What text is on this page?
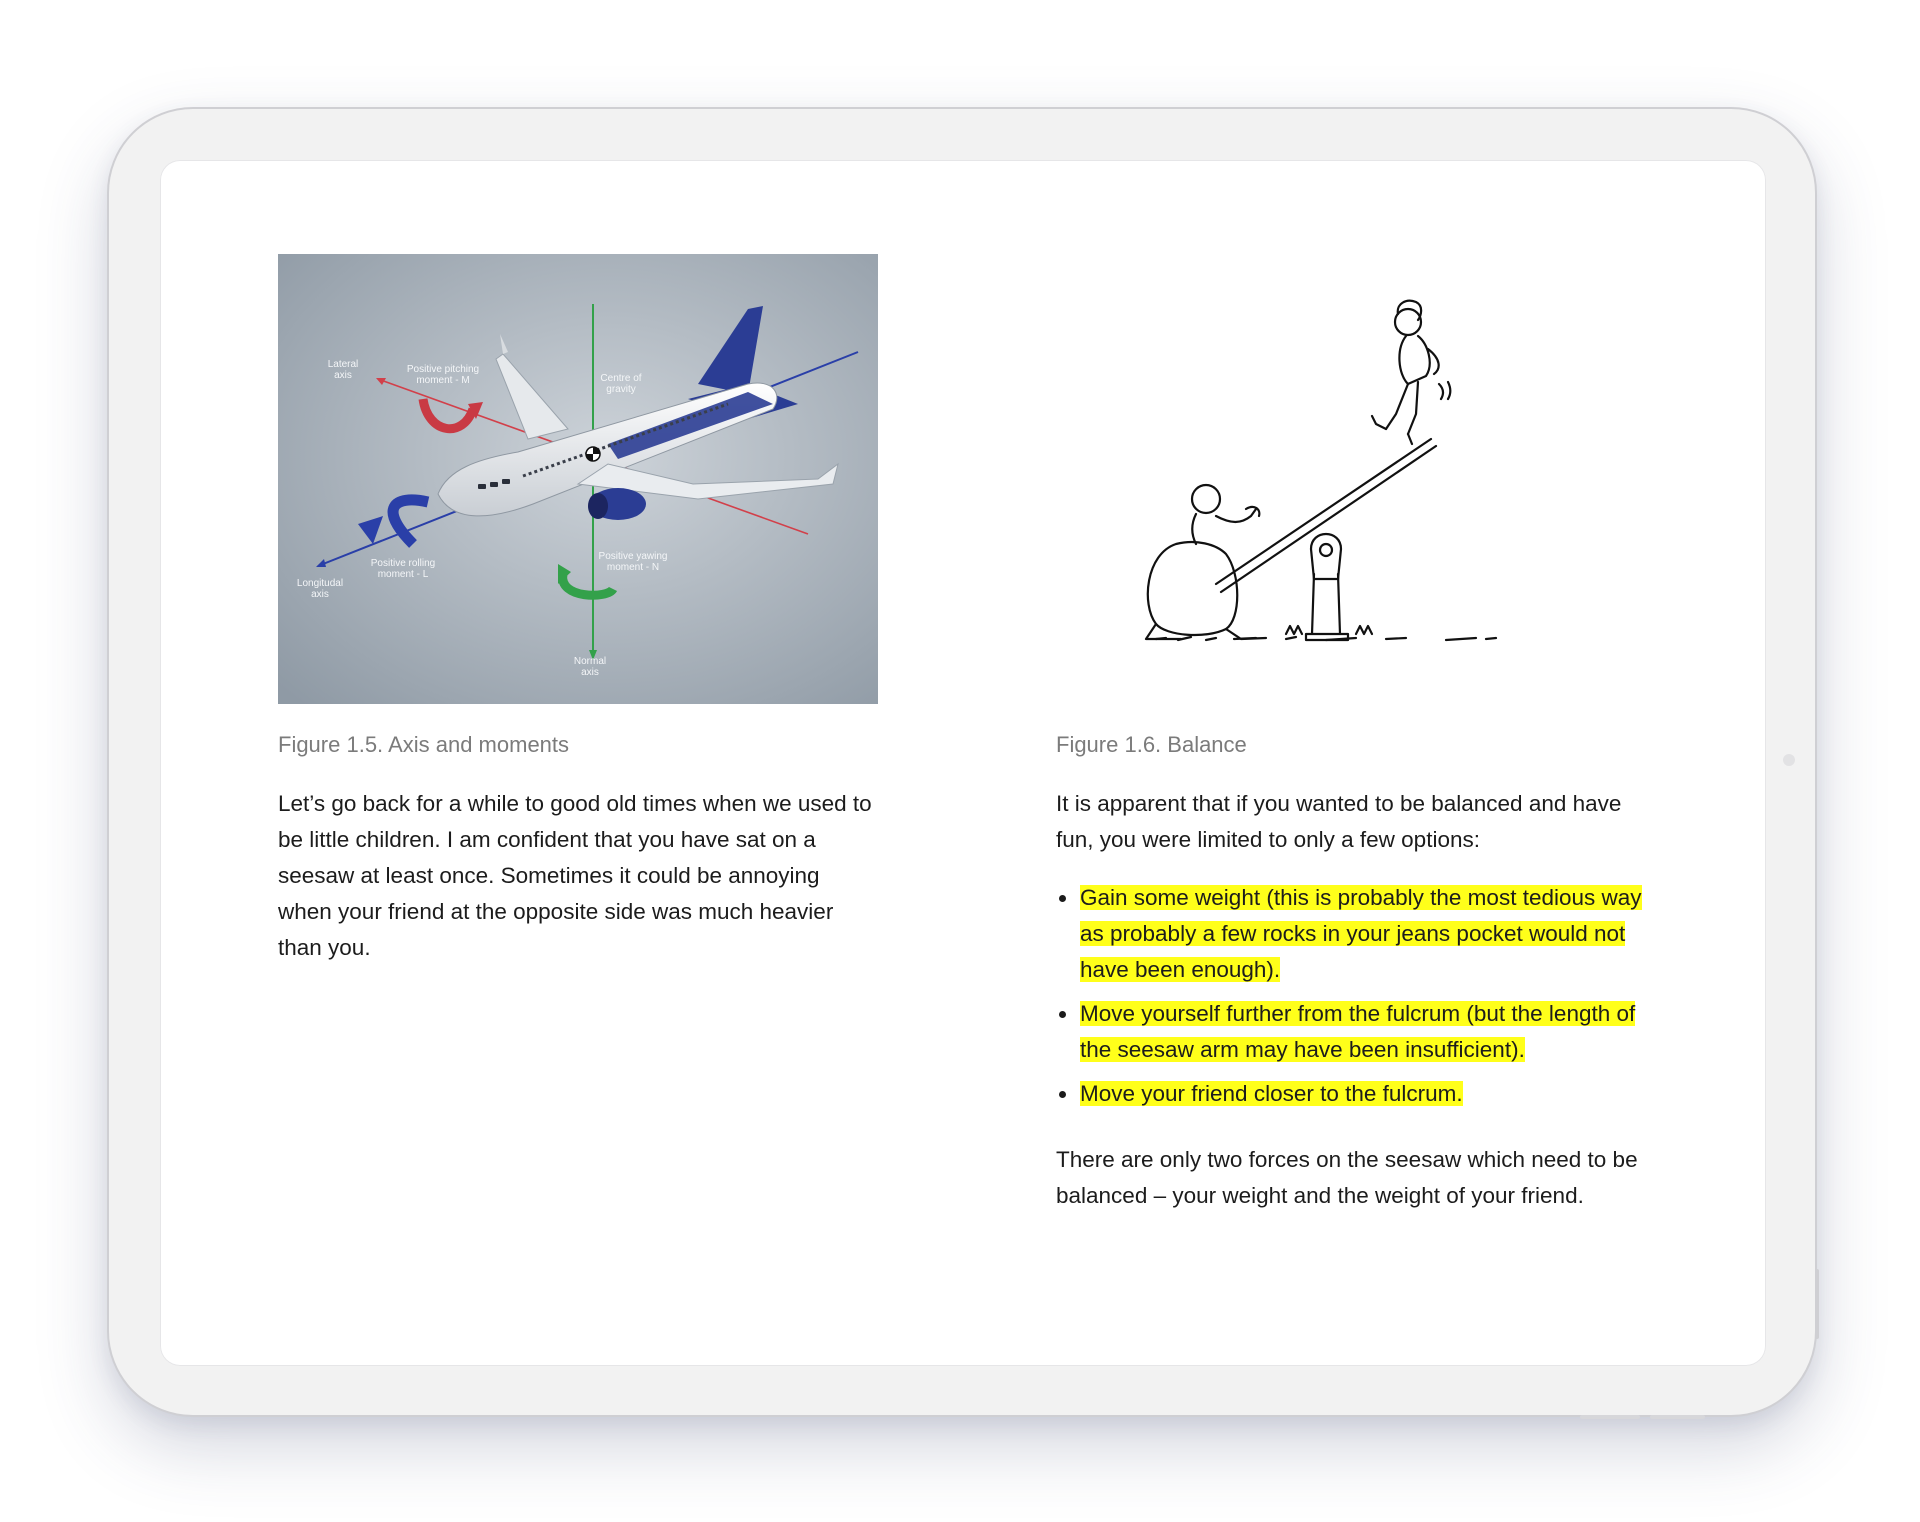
Lateral
axis
Positive pitching
moment - M	Centre of
gravity
Positive rolling
moment - L
Longitudal
axis
Positive yawing
moment - N
Normal
axis
Figure 1.5. Axis and moments
Let’s go back for a while to good old times when we used to be little children. I am confident that you have sat on a seesaw at least once. Sometimes it could be annoying when your friend at the opposite side was much heavier than you.
Figure 1.6. Balance
It is apparent that if you wanted to be balanced and have fun, you were limited to only a few options:
Gain some weight (this is probably the most tedious way as probably a few rocks in your jeans pocket would not have been enough).
Move yourself further from the fulcrum (but the length of the seesaw arm may have been insufficient).
Move your friend closer to the fulcrum.
There are only two forces on the seesaw which need to be balanced – your weight and the weight of your friend.
